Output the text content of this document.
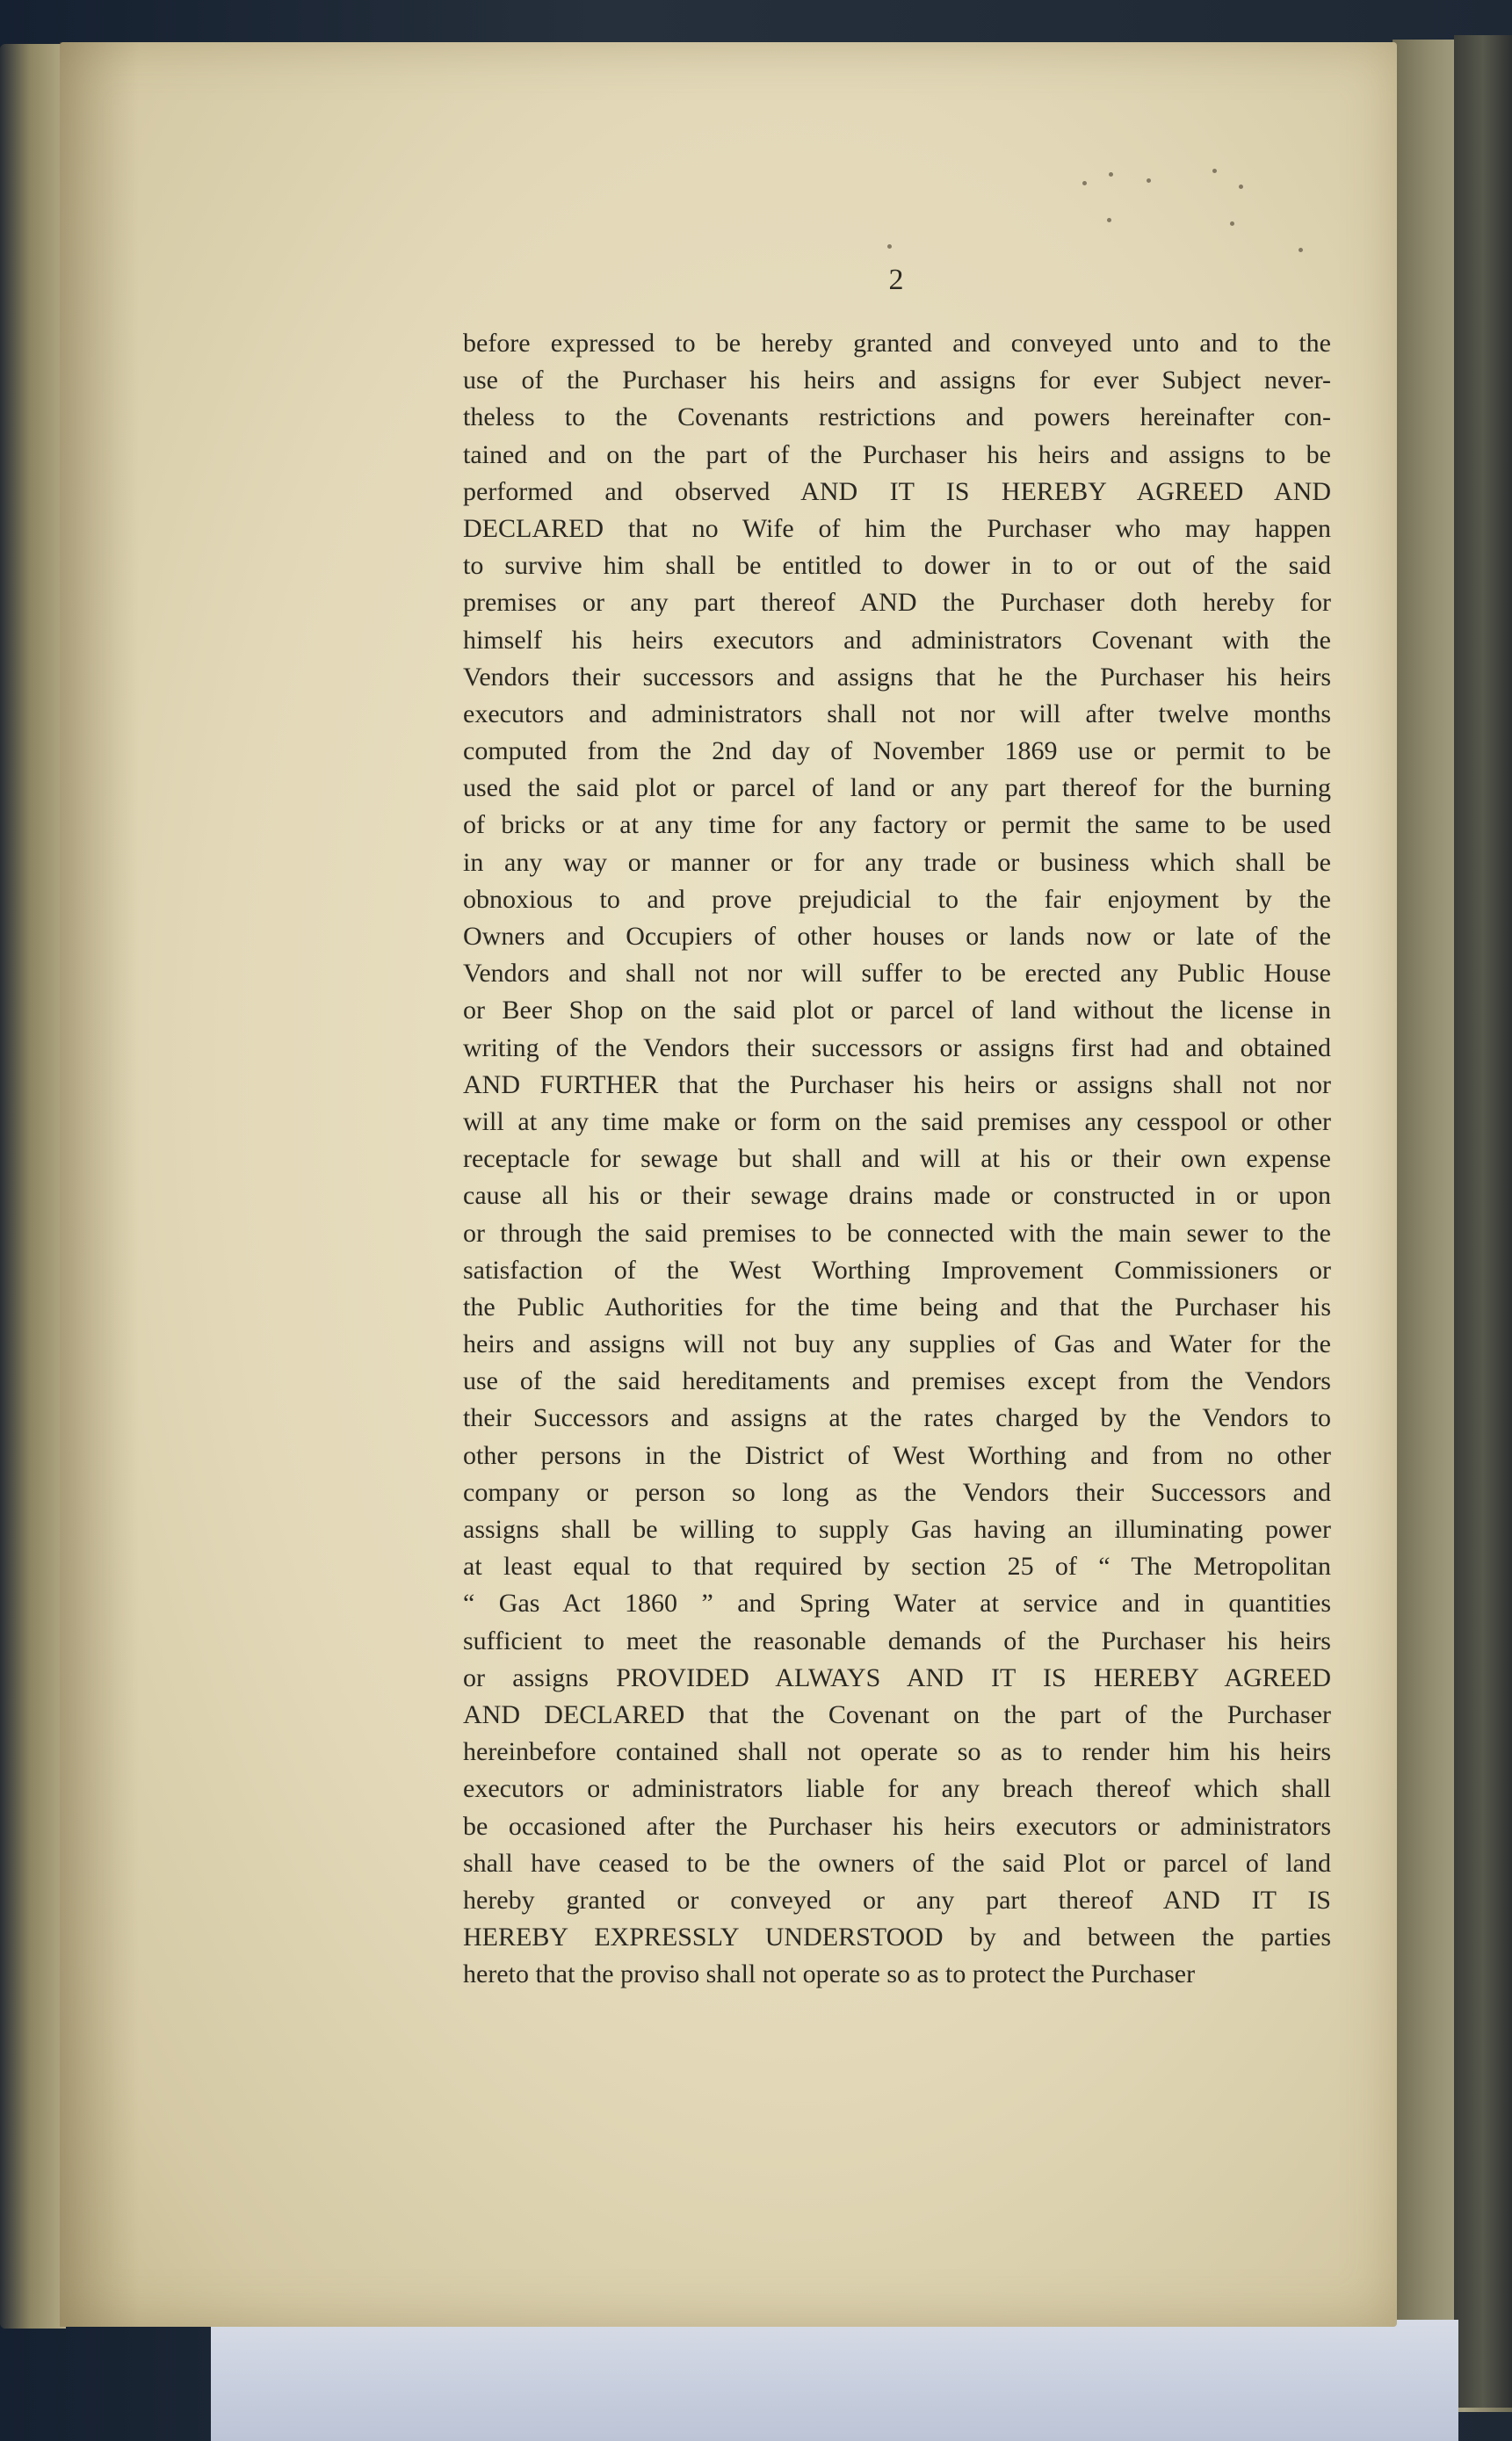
2
before expressed to be hereby granted and conveyed unto and to the
use of the Purchaser his heirs and assigns for ever Subject never-
theless to the Covenants restrictions and powers hereinafter con-
tained and on the part of the Purchaser his heirs and assigns to be
performed and observed AND IT IS HEREBY AGREED AND
DECLARED that no Wife of him the Purchaser who may happen
to survive him shall be entitled to dower in to or out of the said
premises or any part thereof AND the Purchaser doth hereby for
himself his heirs executors and administrators Covenant with the
Vendors their successors and assigns that he the Purchaser his heirs
executors and administrators shall not nor will after twelve months
computed from the 2nd day of November 1869 use or permit to be
used the said plot or parcel of land or any part thereof for the burning
of bricks or at any time for any factory or permit the same to be used
in any way or manner or for any trade or business which shall be
obnoxious to and prove prejudicial to the fair enjoyment by the
Owners and Occupiers of other houses or lands now or late of the
Vendors and shall not nor will suffer to be erected any Public House
or Beer Shop on the said plot or parcel of land without the license in
writing of the Vendors their successors or assigns first had and obtained
AND FURTHER that the Purchaser his heirs or assigns shall not nor
will at any time make or form on the said premises any cesspool or other
receptacle for sewage but shall and will at his or their own expense
cause all his or their sewage drains made or constructed in or upon
or through the said premises to be connected with the main sewer to the
satisfaction of the West Worthing Improvement Commissioners or
the Public Authorities for the time being and that the Purchaser his
heirs and assigns will not buy any supplies of Gas and Water for the
use of the said hereditaments and premises except from the Vendors
their Successors and assigns at the rates charged by the Vendors to
other persons in the District of West Worthing and from no other
company or person so long as the Vendors their Successors and
assigns shall be willing to supply Gas having an illuminating power
at least equal to that required by section 25 of “ The Metropolitan
“ Gas Act 1860 ” and Spring Water at service and in quantities
sufficient to meet the reasonable demands of the Purchaser his heirs
or assigns PROVIDED ALWAYS AND IT IS HEREBY AGREED
AND DECLARED that the Covenant on the part of the Purchaser
hereinbefore contained shall not operate so as to render him his heirs
executors or administrators liable for any breach thereof which shall
be occasioned after the Purchaser his heirs executors or administrators
shall have ceased to be the owners of the said Plot or parcel of land
hereby granted or conveyed or any part thereof AND IT IS
HEREBY EXPRESSLY UNDERSTOOD by and between the parties
hereto that the proviso shall not operate so as to protect the Purchaser
